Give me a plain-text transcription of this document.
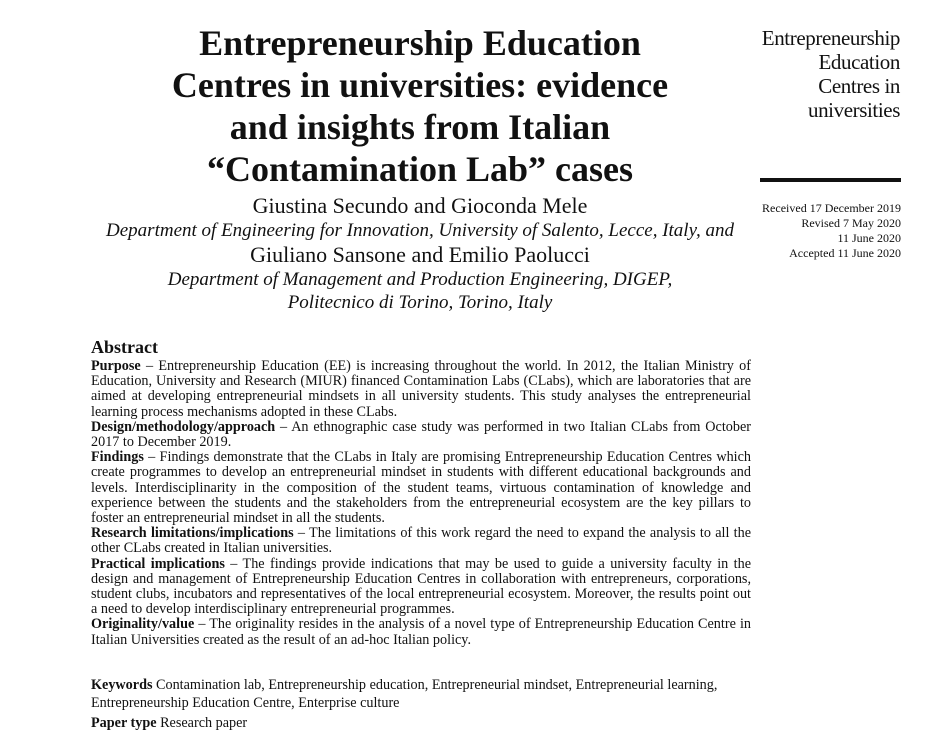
Entrepreneurship Education
Centres in universities: evidence
and insights from Italian
“Contamination Lab” cases
Entrepreneurship
Education
Centres in
universities
Received 17 December 2019
Revised 7 May 2020
11 June 2020
Accepted 11 June 2020
Giustina Secundo and Gioconda Mele
Department of Engineering for Innovation, University of Salento, Lecce, Italy, and
Giuliano Sansone and Emilio Paolucci
Department of Management and Production Engineering, DIGEP,
Politecnico di Torino, Torino, Italy
Abstract

Purpose – Entrepreneurship Education (EE) is increasing throughout the world. In 2012, the Italian Ministry of Education, University and Research (MIUR) financed Contamination Labs (CLabs), which are laboratories that are aimed at developing entrepreneurial mindsets in all university students. This study analyses the entrepreneurial learning process mechanisms adopted in these CLabs.

Design/methodology/approach – An ethnographic case study was performed in two Italian CLabs from October 2017 to December 2019.

Findings – Findings demonstrate that the CLabs in Italy are promising Entrepreneurship Education Centres which create programmes to develop an entrepreneurial mindset in students with different educational backgrounds and levels. Interdisciplinarity in the composition of the student teams, virtuous contamination of knowledge and experience between the students and the stakeholders from the entrepreneurial ecosystem are the key pillars to foster an entrepreneurial mindset in all the students.

Research limitations/implications – The limitations of this work regard the need to expand the analysis to all the other CLabs created in Italian universities.

Practical implications – The findings provide indications that may be used to guide a university faculty in the design and management of Entrepreneurship Education Centres in collaboration with entrepreneurs, corporations, student clubs, incubators and representatives of the local entrepreneurial ecosystem. Moreover, the results point out a need to develop interdisciplinary entrepreneurial programmes.

Originality/value – The originality resides in the analysis of a novel type of Entrepreneurship Education Centre in Italian Universities created as the result of an ad-hoc Italian policy.

Keywords Contamination lab, Entrepreneurship education, Entrepreneurial mindset, Entrepreneurial learning, Entrepreneurship Education Centre, Enterprise culture
Paper type Research paper
